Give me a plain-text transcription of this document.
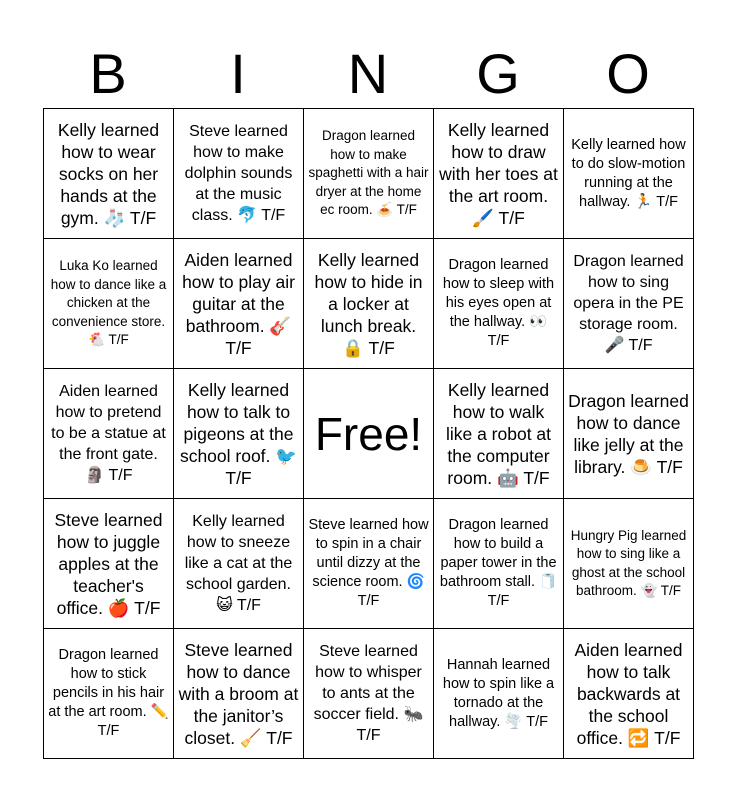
B	I	N	G	O
Kelly learned how to wear socks on her hands at the gym. 🧦 T/F	Steve learned how to make dolphin sounds at the music class. 🐬 T/F	Dragon learned how to make spaghetti with a hair dryer at the home ec room. 🍝 T/F	Kelly learned how to draw with her toes at the art room. 🖌️ T/F	Kelly learned how to do slow-motion running at the hallway. 🏃 T/F

Luka Ko learned how to dance like a chicken at the convenience store. 🐔 T/F	Aiden learned how to play air guitar at the bathroom. 🎸 T/F	Kelly learned how to hide in a locker at lunch break. 🔒 T/F	Dragon learned how to sleep with his eyes open at the hallway. 👀 T/F	Dragon learned how to sing opera in the PE storage room. 🎤 T/F

Aiden learned how to pretend to be a statue at the front gate. 🗿 T/F	Kelly learned how to talk to pigeons at the school roof. 🐦 T/F	Free!	Kelly learned how to walk like a robot at the computer room. 🤖 T/F	Dragon learned how to dance like jelly at the library. 🍮 T/F

Steve learned how to juggle apples at the teacher's office. 🍎 T/F	Kelly learned how to sneeze like a cat at the school garden. 😺 T/F	Steve learned how to spin in a chair until dizzy at the science room. 🌀 T/F	Dragon learned how to build a paper tower in the bathroom stall. 🧻 T/F	Hungry Pig learned how to sing like a ghost at the school bathroom. 👻 T/F

Dragon learned how to stick pencils in his hair at the art room. ✏️ T/F	Steve learned how to dance with a broom at the janitor’s closet. 🧹 T/F	Steve learned how to whisper to ants at the soccer field. 🐜 T/F	Hannah learned how to spin like a tornado at the hallway. 🌪️ T/F	Aiden learned how to talk backwards at the school office. 🔁 T/F
